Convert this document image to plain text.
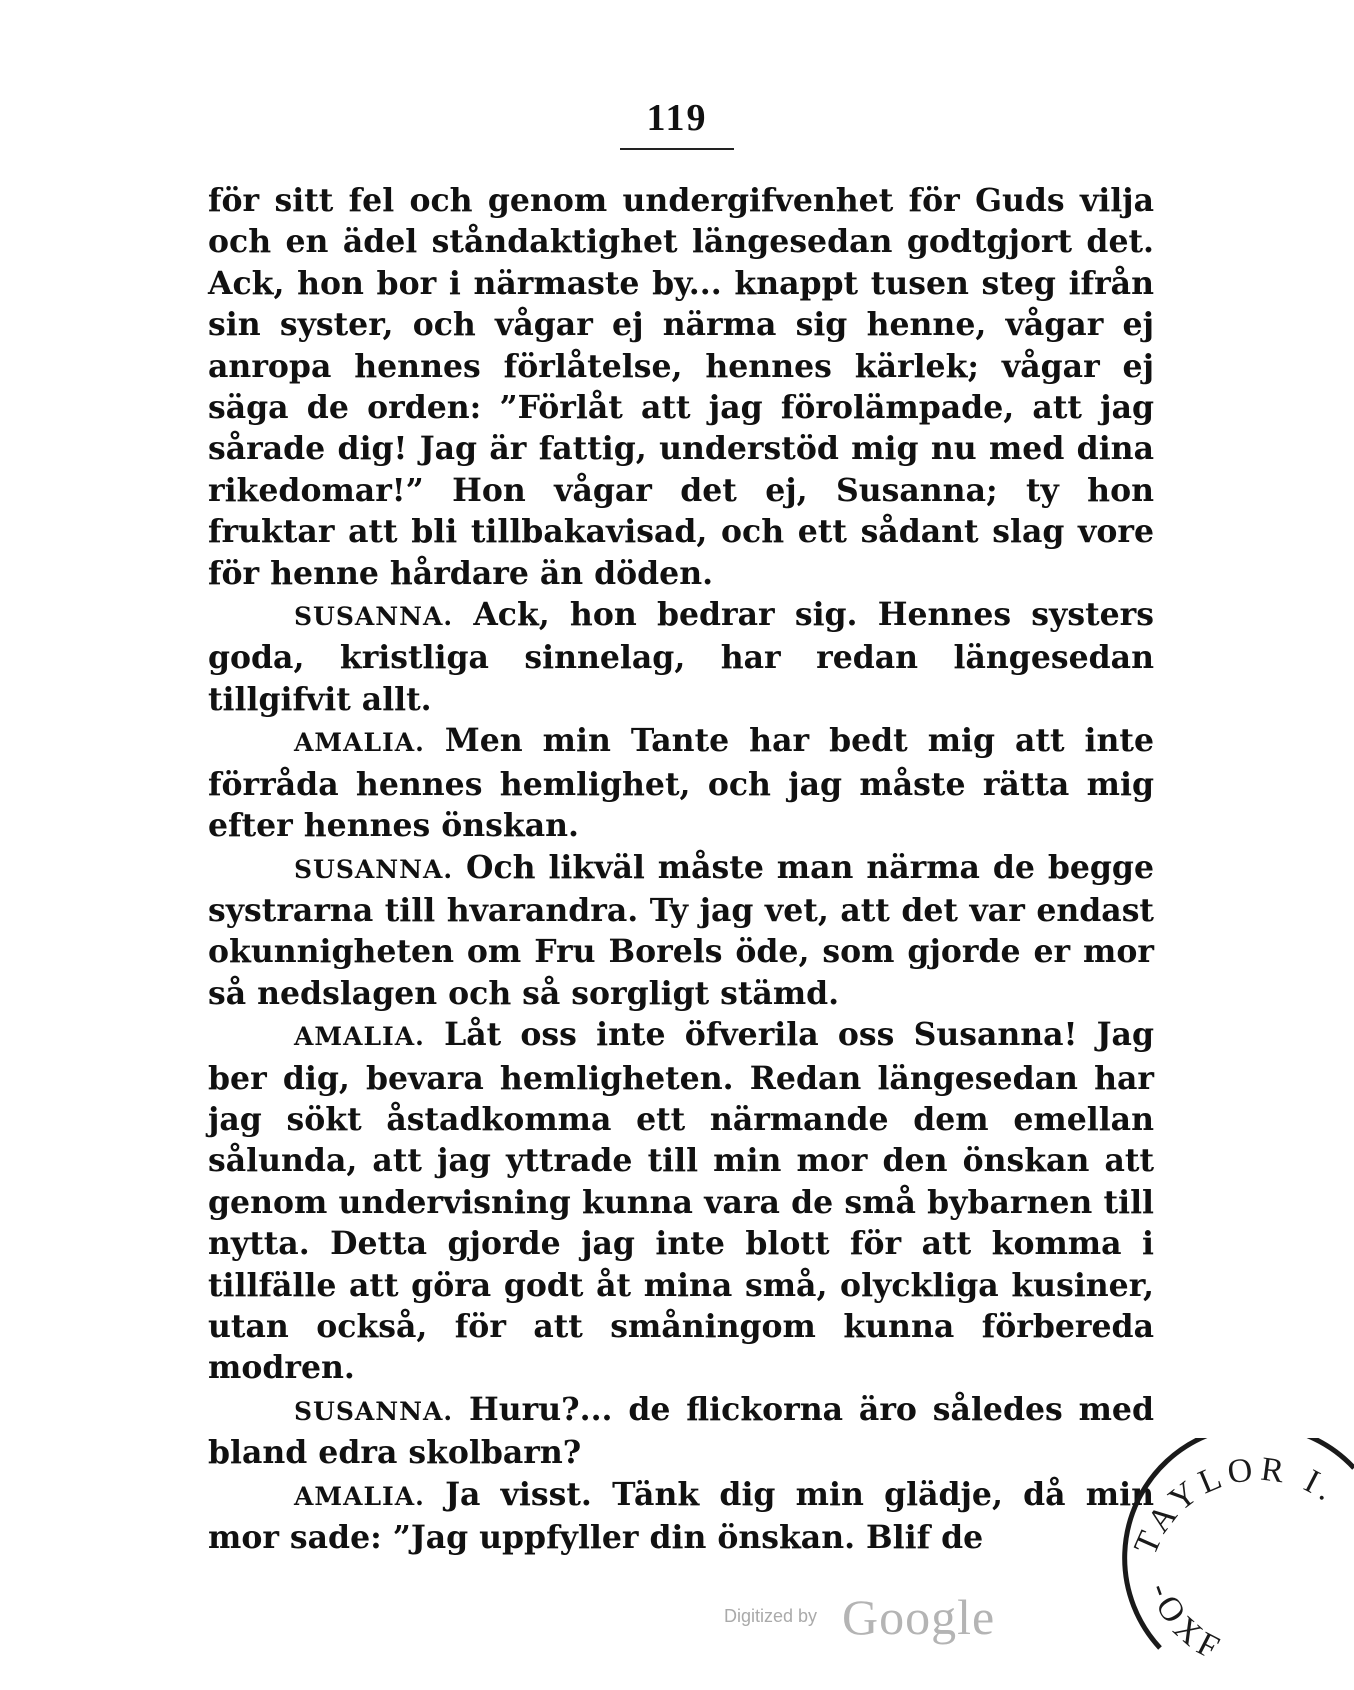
119

för sitt fel och genom undergifvenhet för Guds vilja och en ädel ståndaktighet längesedan godtgjort det. Ack, hon bor i närmaste by... knappt tusen steg ifrån sin syster, och vågar ej närma sig henne, vågar ej anropa hennes förlåtelse, hennes kärlek; vågar ej säga de orden: ”Förlåt att jag förolämpade, att jag sårade dig! Jag är fattig, understöd mig nu med dina rikedomar!” Hon vågar det ej, Susanna; ty hon fruktar att bli tillbakavisad, och ett sådant slag vore för henne hårdare än döden.

SUSANNA. Ack, hon bedrar sig. Hennes systers goda, kristliga sinnelag, har redan längesedan tillgifvit allt.

AMALIA. Men min Tante har bedt mig att inte förråda hennes hemlighet, och jag måste rätta mig efter hennes önskan.

SUSANNA. Och likväl måste man närma de begge systrarna till hvarandra. Ty jag vet, att det var endast okunnigheten om Fru Borels öde, som gjorde er mor så nedslagen och så sorgligt stämd.

AMALIA. Låt oss inte öfverila oss Susanna! Jag ber dig, bevara hemligheten. Redan längesedan har jag sökt åstadkomma ett närmande dem emellan sålunda, att jag yttrade till min mor den önskan att genom undervisning kunna vara de små bybarnen till nytta. Detta gjorde jag inte blott för att komma i tillfälle att göra godt åt mina små, olyckliga kusiner, utan också, för att småningom kunna förbereda modren.

SUSANNA. Huru?... de flickorna äro således med bland edra skolbarn?

AMALIA. Ja visst. Tänk dig min glädje, då min mor sade: ”Jag uppfyller din önskan. Blif de

Digitized by Google
TAYLOR I.
-OXF
